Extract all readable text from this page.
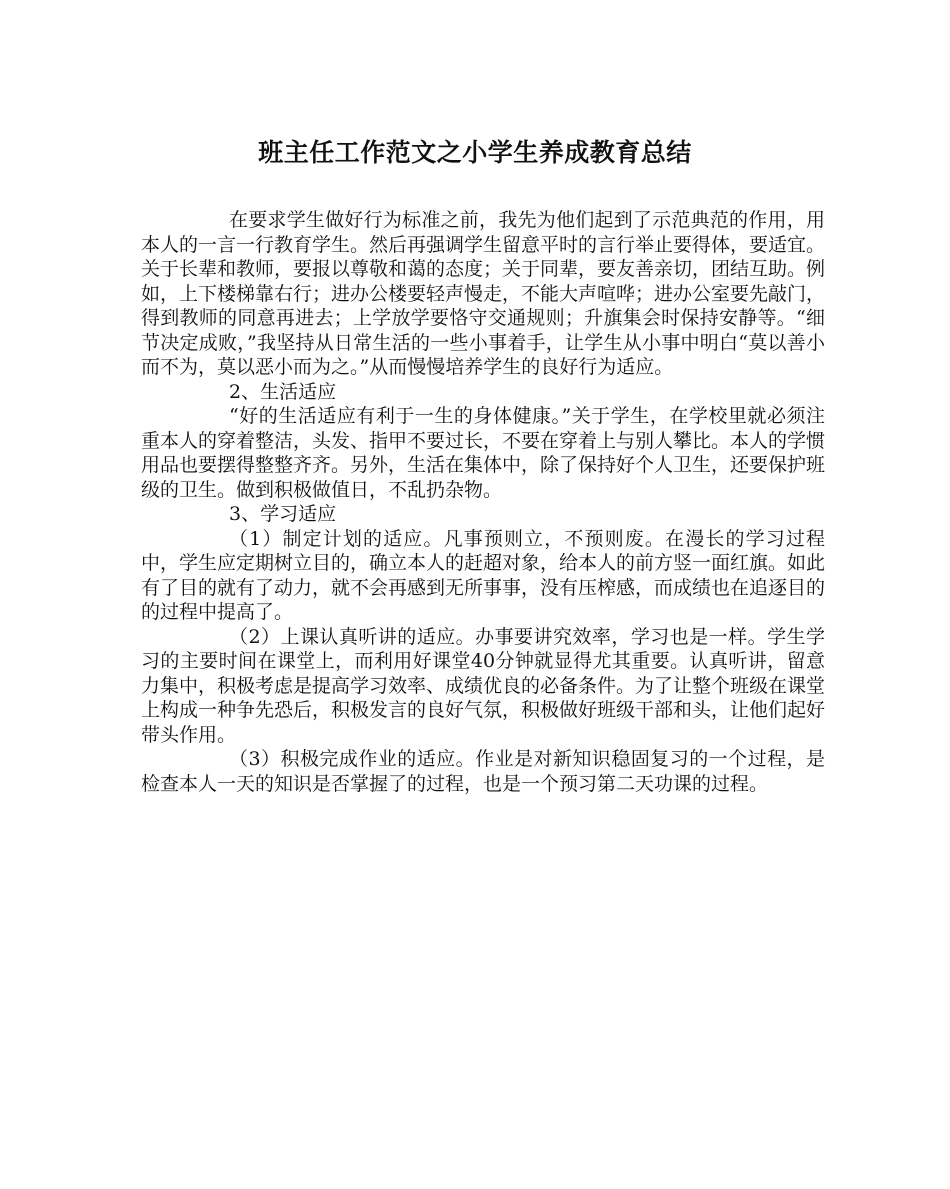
班主任工作范文之小学生养成教育总结

在要求学生做好行为标准之前，我先为他们起到了示范典范的作用，用本人的一言一行教育学生。然后再强调学生留意平时的言行举止要得体，要适宜。关于长辈和教师，要报以尊敬和蔼的态度；关于同辈，要友善亲切，团结互助。例如，上下楼梯靠右行；进办公楼要轻声慢走，不能大声喧哗；进办公室要先敲门，得到教师的同意再进去；上学放学要恪守交通规则；升旗集会时保持安静等。“细节决定成败，”我坚持从日常生活的一些小事着手，让学生从小事中明白“莫以善小而不为，莫以恶小而为之。”从而慢慢培养学生的良好行为适应。

2、生活适应

“好的生活适应有利于一生的身体健康。”关于学生，在学校里就必须注重本人的穿着整洁，头发、指甲不要过长，不要在穿着上与别人攀比。本人的学惯用品也要摆得整整齐齐。另外，生活在集体中，除了保持好个人卫生，还要保护班级的卫生。做到积极做值日，不乱扔杂物。

3、学习适应

（1）制定计划的适应。凡事预则立，不预则废。在漫长的学习过程中，学生应定期树立目的，确立本人的赶超对象，给本人的前方竖一面红旗。如此有了目的就有了动力，就不会再感到无所事事，没有压榨感，而成绩也在追逐目的的过程中提高了。

（2）上课认真听讲的适应。办事要讲究效率，学习也是一样。学生学习的主要时间在课堂上，而利用好课堂40分钟就显得尤其重要。认真听讲，留意力集中，积极考虑是提高学习效率、成绩优良的必备条件。为了让整个班级在课堂上构成一种争先恐后，积极发言的良好气氛，积极做好班级干部和头，让他们起好带头作用。

（3）积极完成作业的适应。作业是对新知识稳固复习的一个过程，是检查本人一天的知识是否掌握了的过程，也是一个预习第二天功课的过程。
